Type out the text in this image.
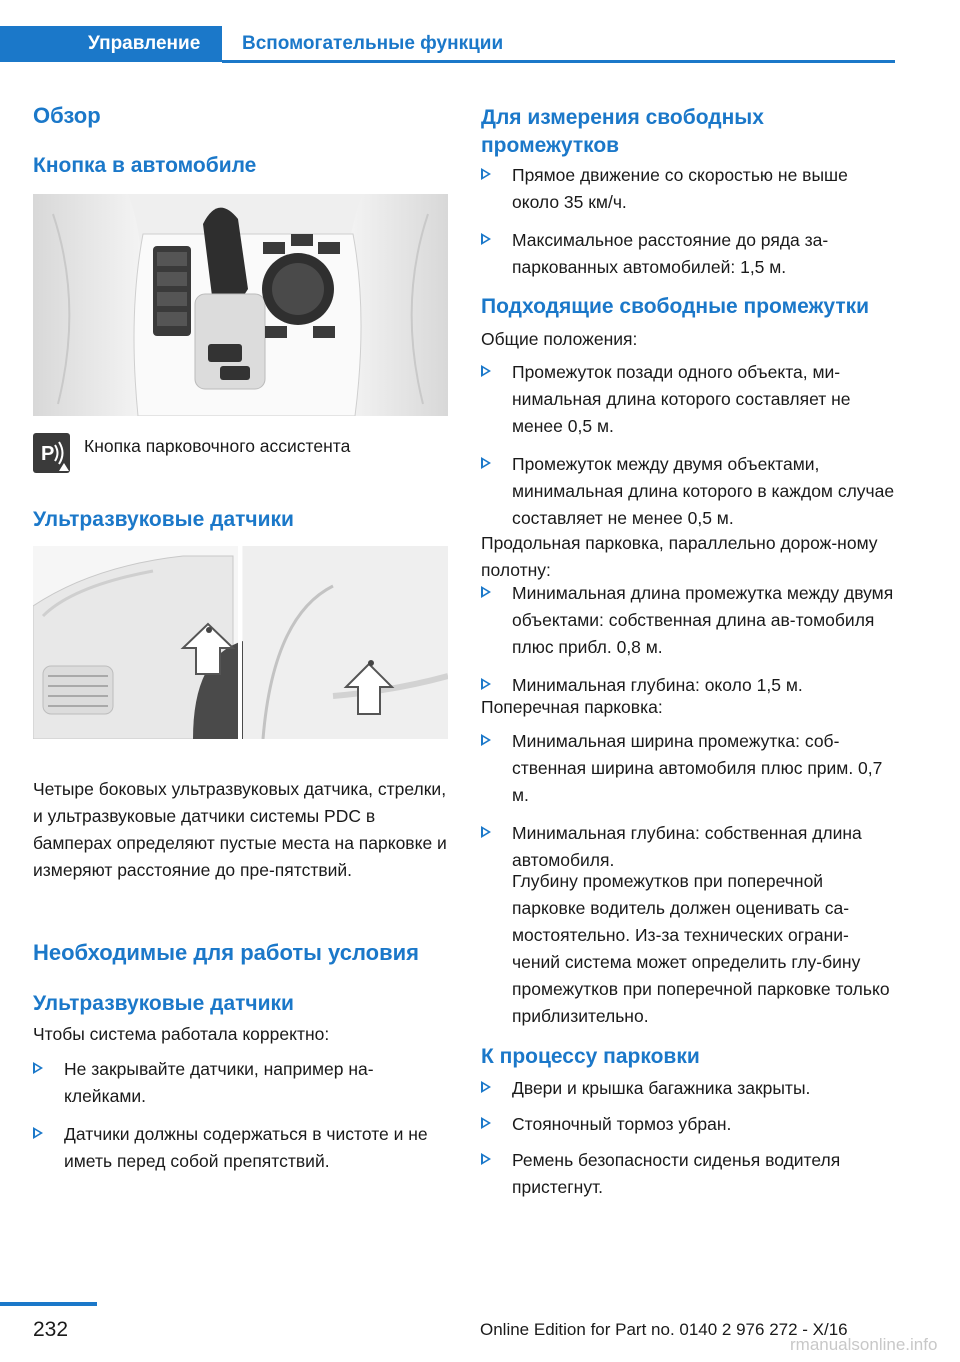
Управление Вспомогательные функции
Обзор
Кнопка в автомобиле
P Кнопка парковочного ассистента
Ультразвуковые датчики
Четыре боковых ультразвуковых датчика, стрелки, и ультразвуковые датчики системы PDC в бамперах определяют пустые места на парковке и измеряют расстояние до пре-пятствий.
Необходимые для работы условия
Ультразвуковые датчики
Чтобы система работала корректно:
Не закрывайте датчики, например на-клейками.
Датчики должны содержаться в чистоте и не иметь перед собой препятствий.
Для измерения свободных промежутков
Прямое движение со скоростью не выше около 35 км/ч.
Максимальное расстояние до ряда за-паркованных автомобилей: 1,5 м.
Подходящие свободные промежутки
Общие положения:
Промежуток позади одного объекта, ми-нимальная длина которого составляет не менее 0,5 м.
Промежуток между двумя объектами, минимальная длина которого в каждом случае составляет не менее 0,5 м.
Продольная парковка, параллельно дорож-ному полотну:
Минимальная длина промежутка между двумя объектами: собственная длина ав-томобиля плюс прибл. 0,8 м.
Минимальная глубина: около 1,5 м.
Поперечная парковка:
Минимальная ширина промежутка: соб-ственная ширина автомобиля плюс прим. 0,7 м.
Минимальная глубина: собственная длина автомобиля.
Глубину промежутков при поперечной парковке водитель должен оценивать са-мостоятельно. Из-за технических ограни-чений система может определить глу-бину промежутков при поперечной парковке только приблизительно.
К процессу парковки
Двери и крышка багажника закрыты.
Стояночный тормоз убран.
Ремень безопасности сиденья водителя пристегнут.
232	Online Edition for Part no. 0140 2 976 272 - X/16
rmanualsonline.info
